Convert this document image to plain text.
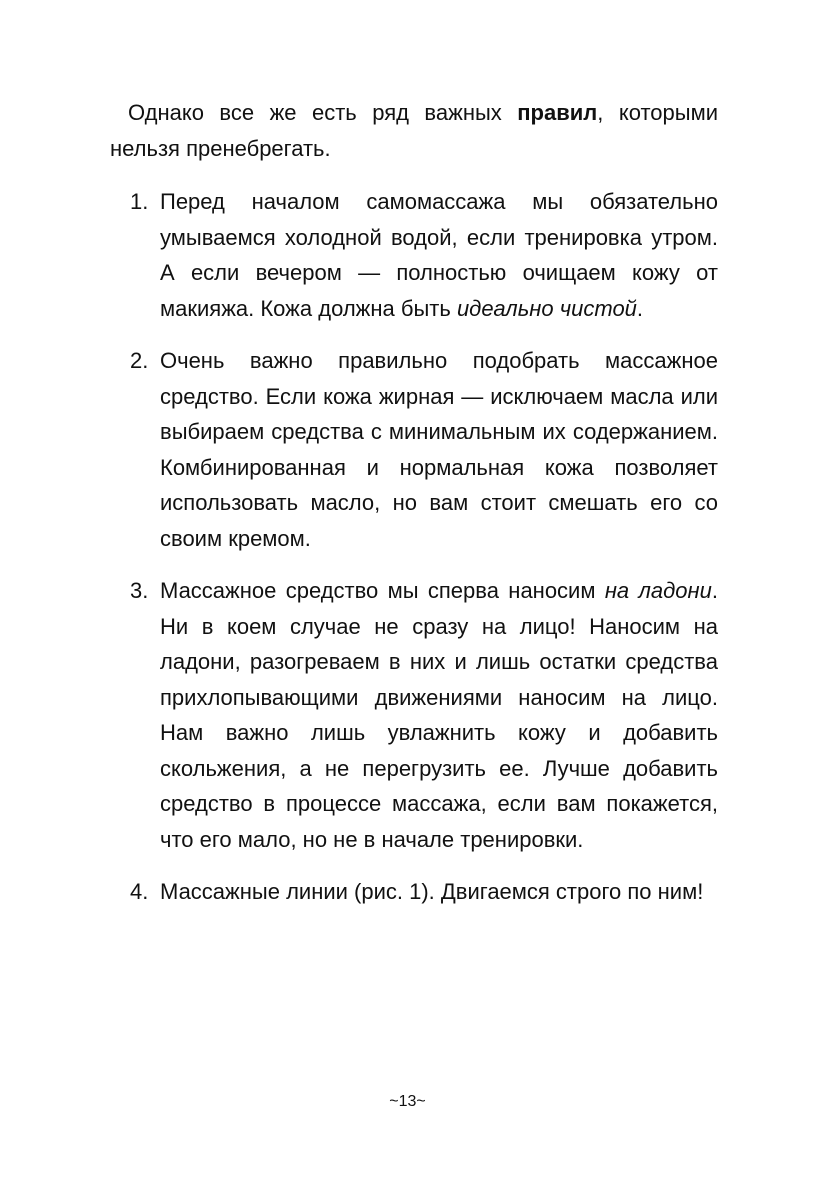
Однако все же есть ряд важных правил, которыми нельзя пренебрегать.

1. Перед началом самомассажа мы обязательно умываемся холодной водой, если тренировка утром. А если вечером — полностью очищаем кожу от макияжа. Кожа должна быть идеально чистой.
2. Очень важно правильно подобрать массажное средство. Если кожа жирная — исключаем масла или выбираем средства с минимальным их содержанием. Комбинированная и нормальная кожа позволяет использовать масло, но вам стоит смешать его со своим кремом.
3. Массажное средство мы сперва наносим на ладони. Ни в коем случае не сразу на лицо! Наносим на ладони, разогреваем в них и лишь остатки средства прихлопывающими движениями наносим на лицо. Нам важно лишь увлажнить кожу и добавить скольжения, а не перегрузить ее. Лучше добавить средство в процессе массажа, если вам покажется, что его мало, но не в начале тренировки.
4. Массажные линии (рис. 1). Двигаемся строго по ним!
~13~
